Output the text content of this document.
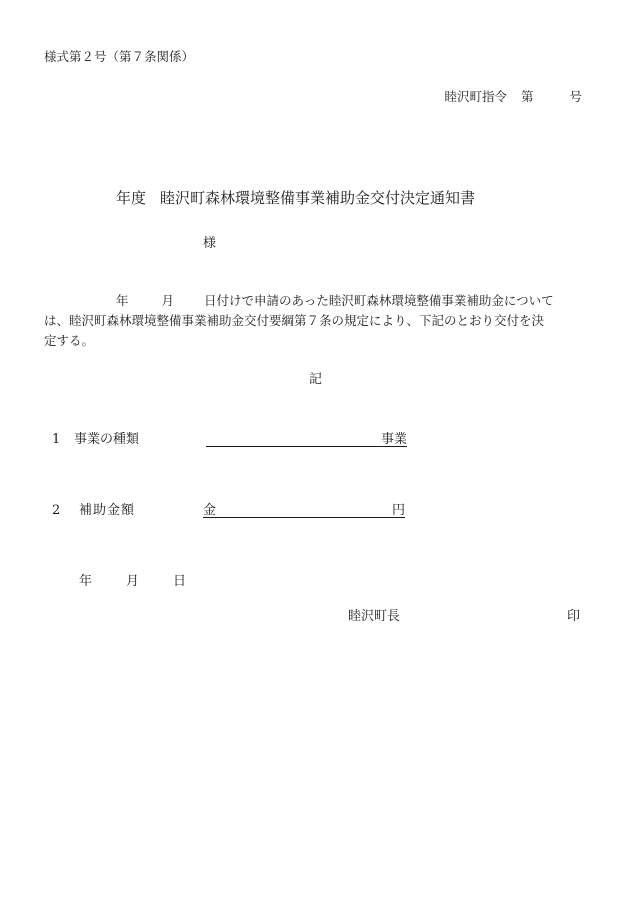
様式第２号（第７条関係）
睦沢町指令 第	号
年度 睦沢町森林環境整備事業補助金交付決定通知書
様
年	月 日付けで申請のあった睦沢町森林環境整備事業補助金について
は、睦沢町森林環境整備事業補助金交付要綱第７条の規定により、下記のとおり交付を決
定する。
記
1 事業の種類	事業
2 補助金額	金	円
年	月	日
睦沢町長	印
